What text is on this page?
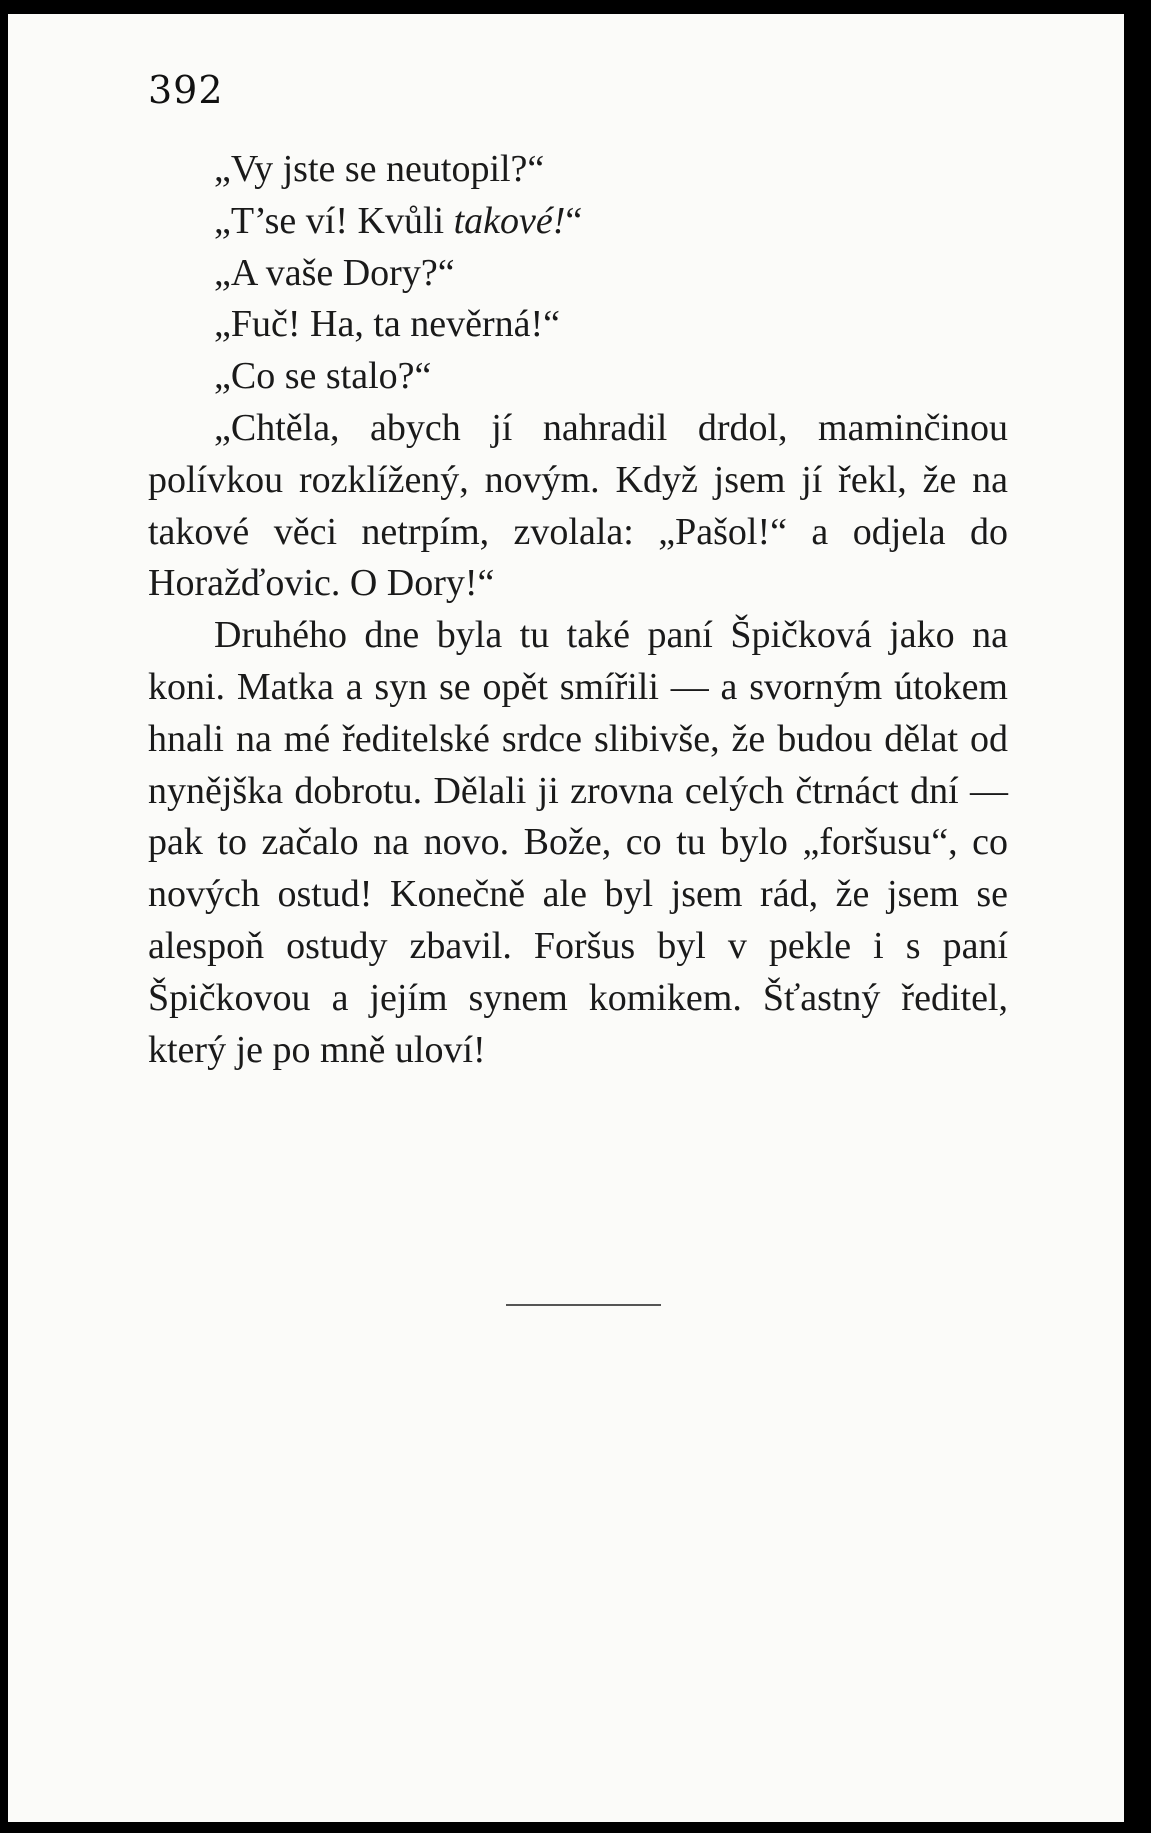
392

„Vy jste se neutopil?“

„T’se ví! Kvůli takové!“

„A vaše Dory?“

„Fuč! Ha, ta nevěrná!“

„Co se stalo?“

„Chtěla, abych jí nahradil drdol, maminčinou polívkou rozklížený, novým. Když jsem jí řekl, že na takové věci netrpím, zvolala: „Pašol!“ a odjela do Horažďovic. O Dory!“

Druhého dne byla tu také paní Špičková jako na koni. Matka a syn se opět smířili — a svorným útokem hnali na mé ředitelské srdce slibivše, že budou dělat od nynějška dobrotu. Dělali ji zrovna celých čtrnáct dní — pak to začalo na novo. Bože, co tu bylo „foršusu“, co nových ostud! Konečně ale byl jsem rád, že jsem se alespoň ostudy zbavil. Foršus byl v pekle i s paní Špičkovou a jejím synem komikem. Šťastný ředitel, který je po mně uloví!
